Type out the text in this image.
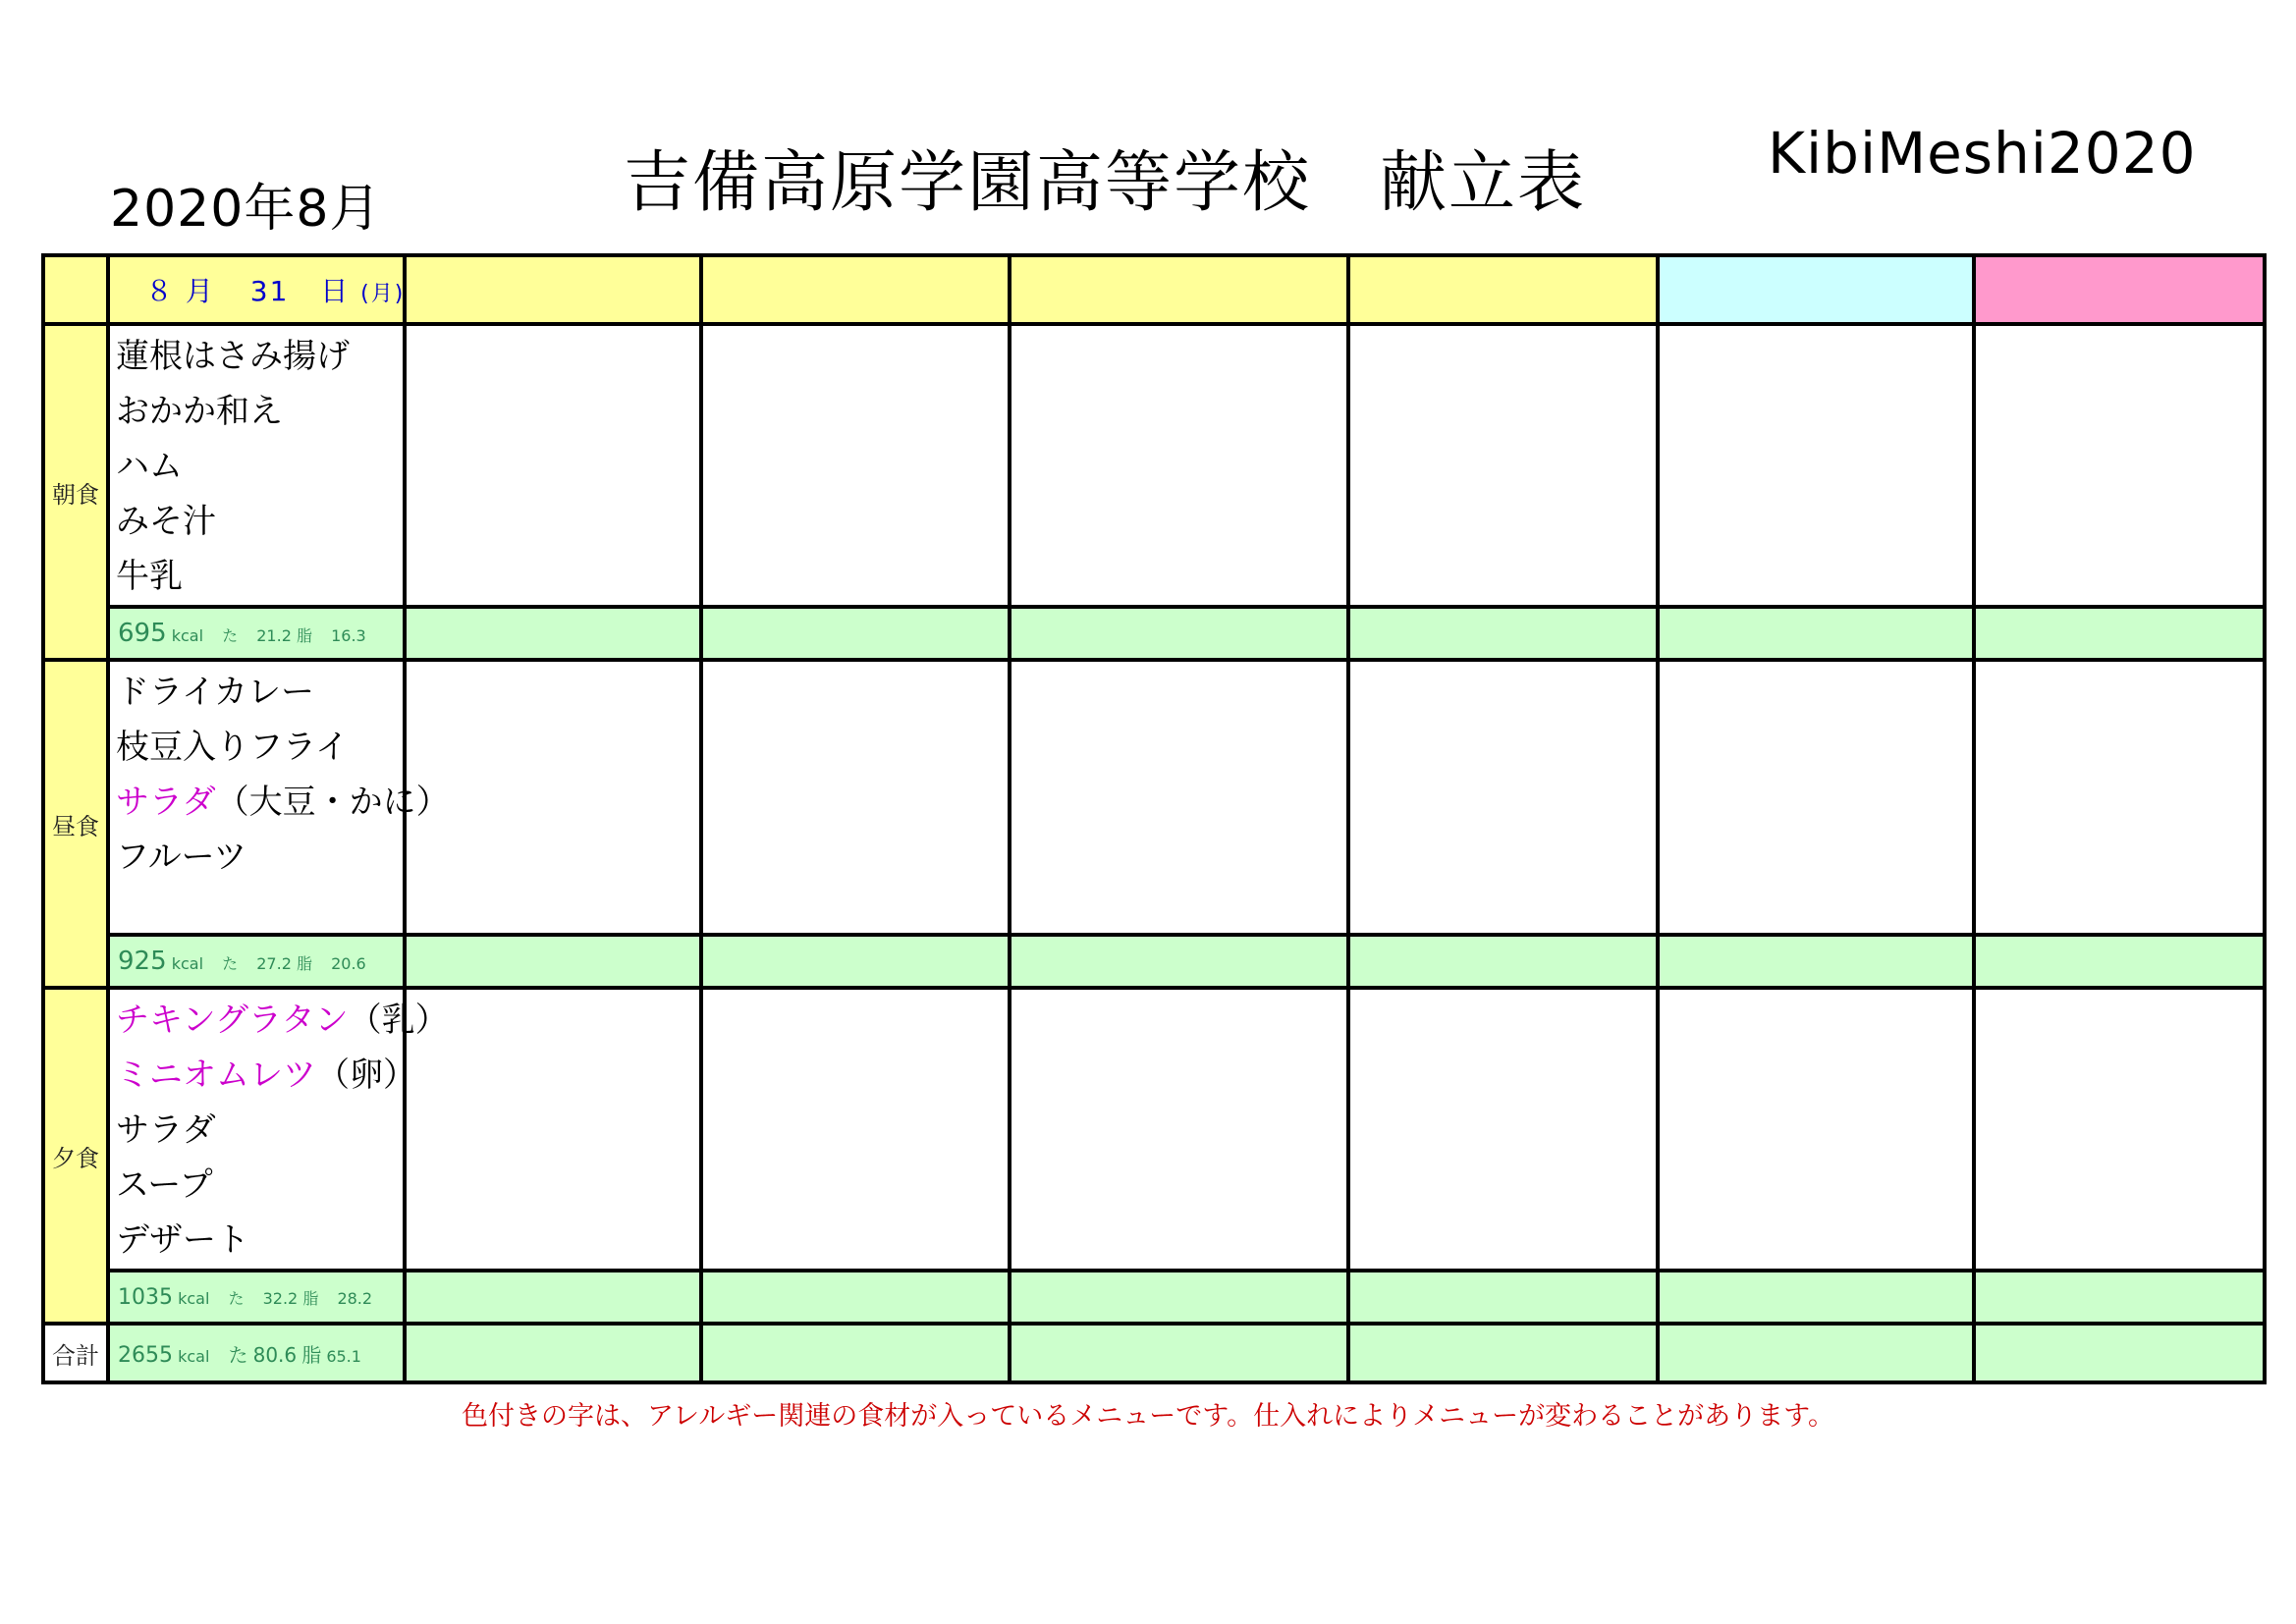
2020年8月	吉備高原学園高等学校　献立表	KibiMeshi2020
	８ 月 31 日 (月)						
朝食	蓮根はさみ揚げ
おかか和え
ハム
みそ汁
牛乳						

	695 kcal た 21.2 脂 16.3						
昼食	ドライカレー
枝豆入りフライ
サラダ（大豆・かに）
フルーツ						

	925 kcal た 27.2 脂 20.6						
夕食	チキングラタン（乳）
ミニオムレツ（卵）
サラダ
スープ
デザート						

	1035 kcal た 32.2 脂 28.2						
合計	2655 kcal た 80.6 脂 65.1						
色付きの字は、アレルギー関連の食材が入っているメニューです。仕入れによりメニューが変わることがあります。
